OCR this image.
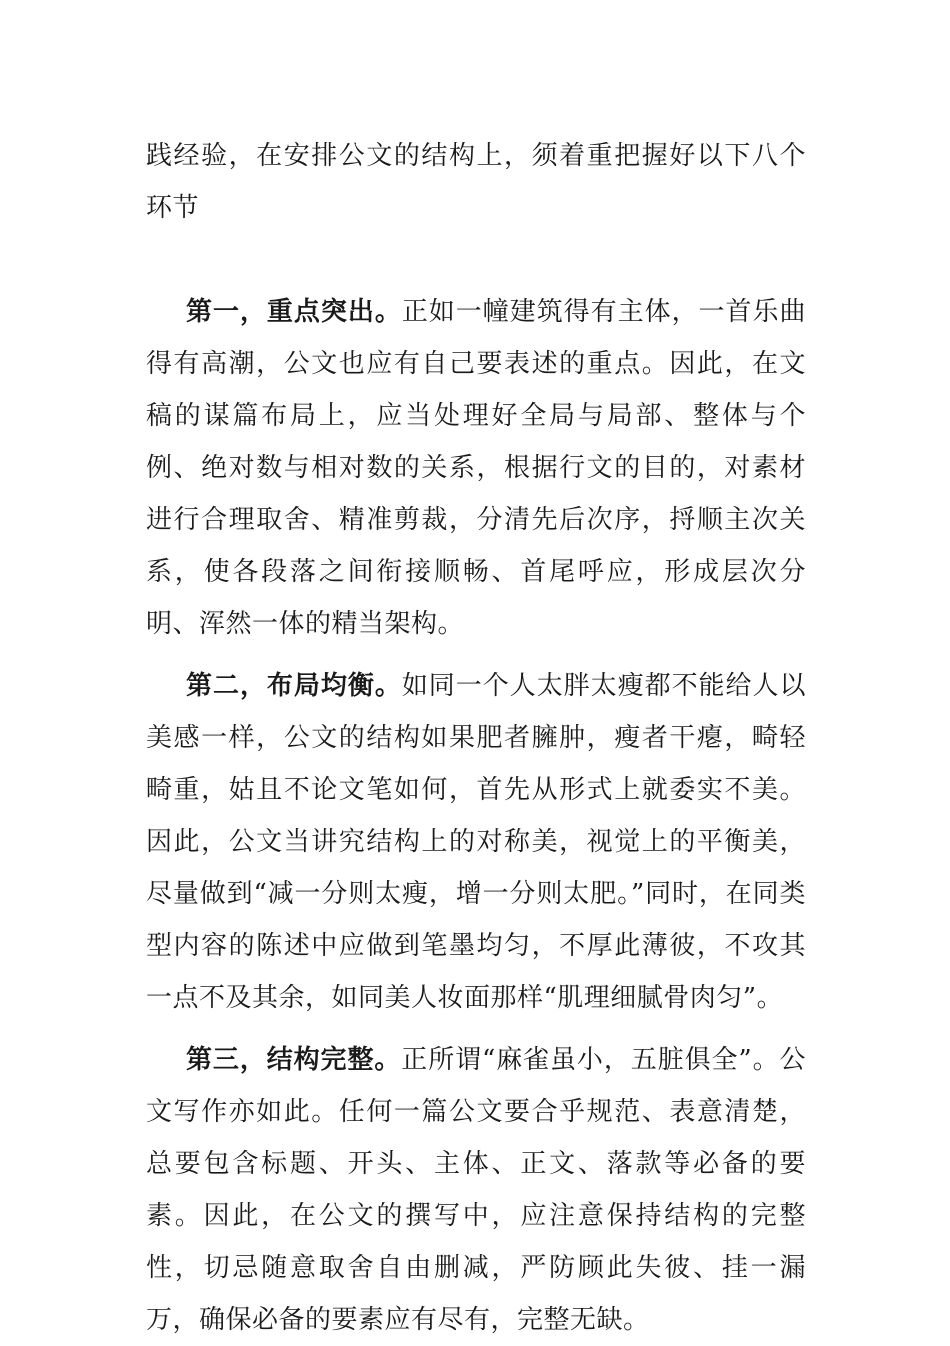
践经验，在安排公文的结构上，须着重把握好以下八个环节

第一，重点突出。正如一幢建筑得有主体，一首乐曲得有高潮，公文也应有自己要表述的重点。因此，在文稿的谋篇布局上，应当处理好全局与局部、整体与个例、绝对数与相对数的关系，根据行文的目的，对素材进行合理取舍、精准剪裁，分清先后次序，捋顺主次关系，使各段落之间衔接顺畅、首尾呼应，形成层次分明、浑然一体的精当架构。

第二，布局均衡。如同一个人太胖太瘦都不能给人以美感一样，公文的结构如果肥者臃肿，瘦者干瘪，畸轻畸重，姑且不论文笔如何，首先从形式上就委实不美。因此，公文当讲究结构上的对称美，视觉上的平衡美，尽量做到“减一分则太瘦，增一分则太肥。”同时，在同类型内容的陈述中应做到笔墨均匀，不厚此薄彼，不攻其一点不及其余，如同美人妆面那样“肌理细腻骨肉匀”。

第三，结构完整。正所谓“麻雀虽小，五脏俱全”。公文写作亦如此。任何一篇公文要合乎规范、表意清楚，总要包含标题、开头、主体、正文、落款等必备的要素。因此，在公文的撰写中，应注意保持结构的完整性，切忌随意取舍自由删减，严防顾此失彼、挂一漏万，确保必备的要素应有尽有，完整无缺。
